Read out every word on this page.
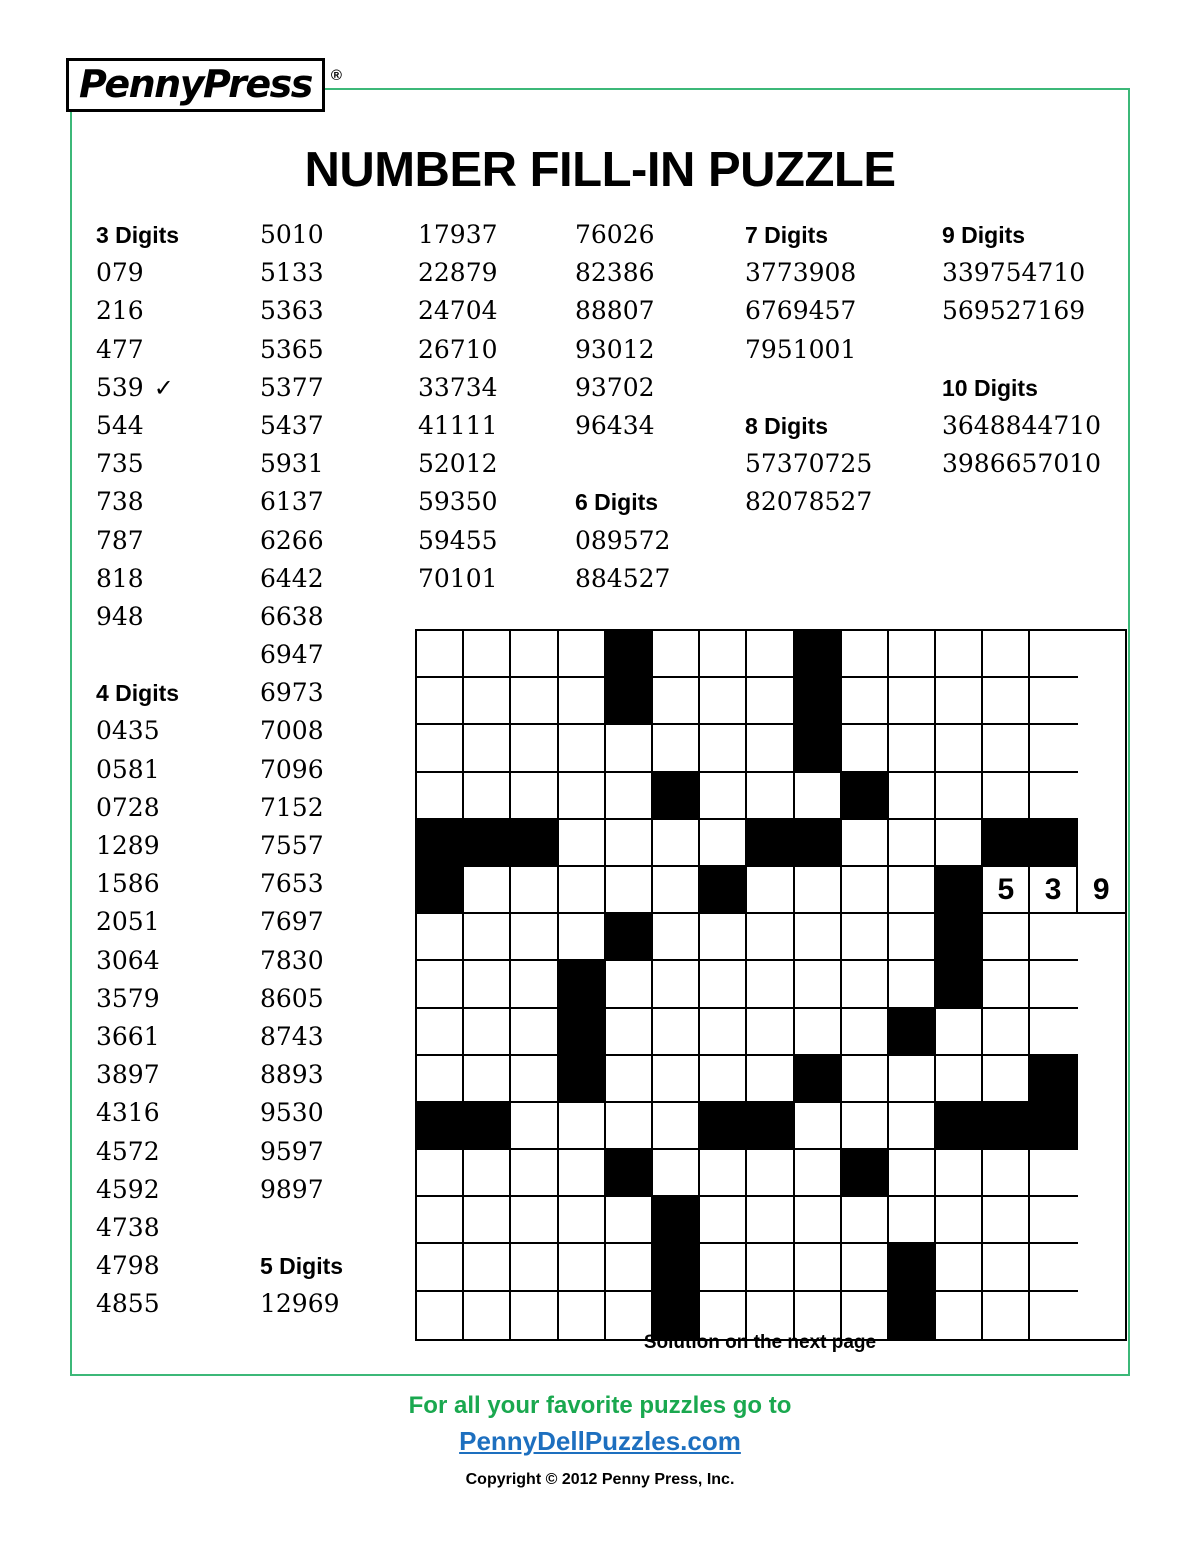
PennyPress ®
NUMBER FILL-IN PUZZLE
3 Digits
079
216
477
539 ✓
544
735
738
787
818
948
4 Digits
0435
0581
0728
1289
1586
2051
3064
3579
3661
3897
4316
4572
4592
4738
4798
4855
5010
5133
5363
5365
5377
5437
5931
6137
6266
6442
6638
6947
6973
7008
7096
7152
7557
7653
7697
7830
8605
8743
8893
9530
9597
9897
5 Digits
12969
17937
22879
24704
26710
33734
41111
52012
59350
59455
70101
76026
82386
88807
93012
93702
96434
6 Digits
089572
884527
7 Digits
3773908
6769457
7951001
8 Digits
57370725
82078527
9 Digits
339754710
569527169
10 Digits
3648844710
3986657010
5	3	9
Solution on the next page
For all your favorite puzzles go to
PennyDellPuzzles.com
Copyright © 2012 Penny Press, Inc.
